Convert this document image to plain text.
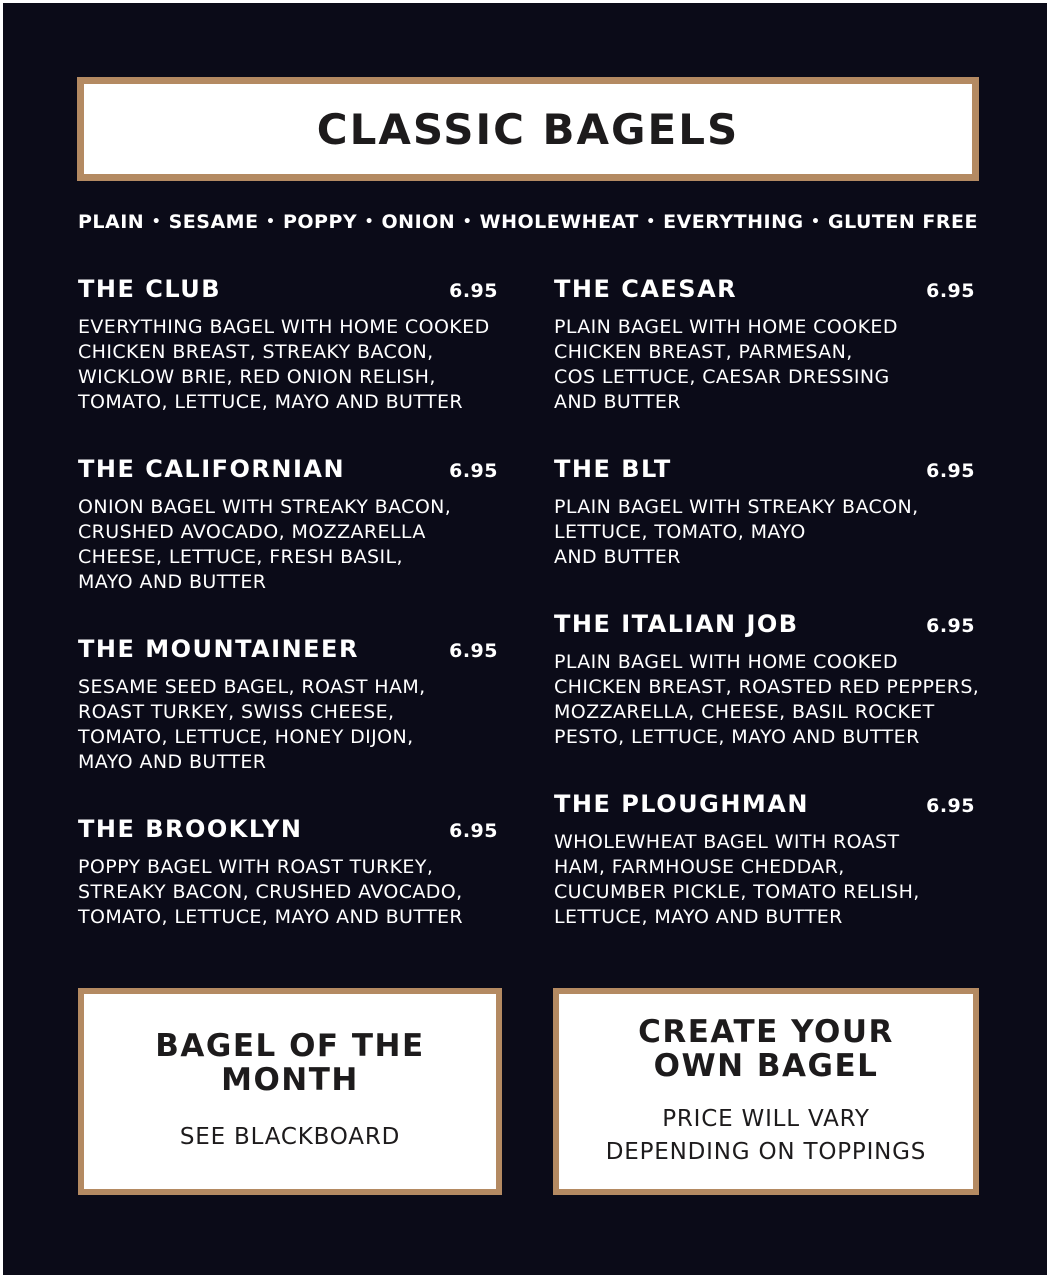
CLASSIC BAGELS
PLAIN • SESAME • POPPY • ONION • WHOLEWHEAT • EVERYTHING • GLUTEN FREE
THE CLUB	6.95
EVERYTHING BAGEL WITH HOME COOKED
CHICKEN BREAST, STREAKY BACON,
WICKLOW BRIE, RED ONION RELISH,
TOMATO, LETTUCE, MAYO AND BUTTER
THE CALIFORNIAN	6.95
ONION BAGEL WITH STREAKY BACON,
CRUSHED AVOCADO, MOZZARELLA
CHEESE, LETTUCE, FRESH BASIL,
MAYO AND BUTTER
THE MOUNTAINEER	6.95
SESAME SEED BAGEL, ROAST HAM,
ROAST TURKEY, SWISS CHEESE,
TOMATO, LETTUCE, HONEY DIJON,
MAYO AND BUTTER
THE BROOKLYN	6.95
POPPY BAGEL WITH ROAST TURKEY,
STREAKY BACON, CRUSHED AVOCADO,
TOMATO, LETTUCE, MAYO AND BUTTER
THE CAESAR	6.95
PLAIN BAGEL WITH HOME COOKED
CHICKEN BREAST, PARMESAN,
COS LETTUCE, CAESAR DRESSING
AND BUTTER
THE BLT	6.95
PLAIN BAGEL WITH STREAKY BACON,
LETTUCE, TOMATO, MAYO
AND BUTTER
THE ITALIAN JOB	6.95
PLAIN BAGEL WITH HOME COOKED
CHICKEN BREAST, ROASTED RED PEPPERS,
MOZZARELLA, CHEESE, BASIL ROCKET
PESTO, LETTUCE, MAYO AND BUTTER
THE PLOUGHMAN	6.95
WHOLEWHEAT BAGEL WITH ROAST
HAM, FARMHOUSE CHEDDAR,
CUCUMBER PICKLE, TOMATO RELISH,
LETTUCE, MAYO AND BUTTER
BAGEL OF THE
MONTH
SEE BLACKBOARD
CREATE YOUR
OWN BAGEL
PRICE WILL VARY
DEPENDING ON TOPPINGS
